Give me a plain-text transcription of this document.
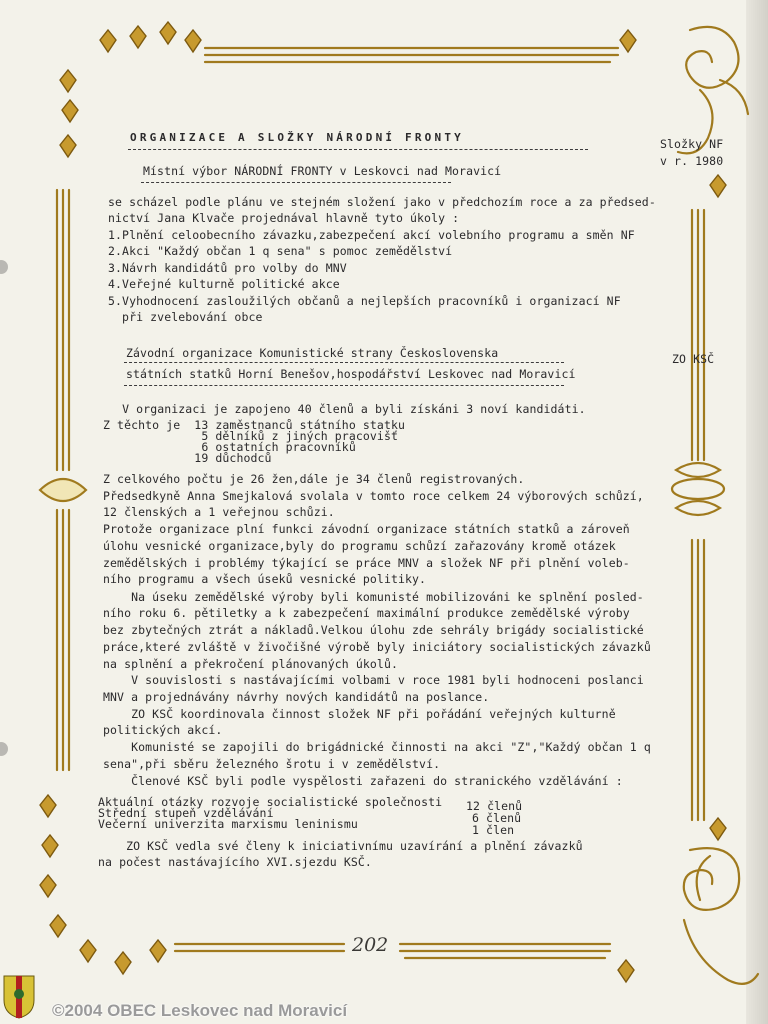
ORGANIZACE A SLOŽKY NÁRODNÍ FRONTY	Složky NF
v r. 1980
Místní výbor NÁRODNÍ FRONTY v Leskovci nad Moravicí
se scházel podle plánu ve stejném složení jako v předchozím roce a za předsed-
nictví Jana Klvače projednával hlavně tyto úkoly :
1.Plnění celoobecního závazku,zabezpečení akcí volebního programu a směn NF
2.Akci "Každý občan 1 q sena" s pomoc zemědělství
3.Návrh kandidátů pro volby do MNV
4.Veřejné kulturně politické akce
5.Vyhodnocení zasloužilých občanů a nejlepších pracovníků i organizací NF
při zvelebování obce
Závodní organizace Komunistické strany Československa
státních statků Horní Benešov,hospodářství Leskovec nad Moravicí
ZO KSČ
V organizaci je zapojeno 40 členů a byli získáni 3 noví kandidáti.
Z těchto je  13 zaměstnanců státního statku
5 dělníků z jiných pracovišť
6 ostatních pracovníků
19 důchodců
Z celkového počtu je 26 žen,dále je 34 členů registrovaných.
Předsedkyně Anna Smejkalová svolala v tomto roce celkem 24 výborových schůzí,
12 členských a 1 veřejnou schůzi.
Protože organizace plní funkci závodní organizace státních statků a zároveň
úlohu vesnické organizace,byly do programu schůzí zařazovány kromě otázek
zemědělských i problémy týkající se práce MNV a složek NF při plnění voleb-
ního programu a všech úseků vesnické politiky.
Na úseku zemědělské výroby byli komunisté mobilizováni ke splnění posled-
ního roku 6. pětiletky a k zabezpečení maximální produkce zemědělské výroby
bez zbytečných ztrát a nákladů.Velkou úlohu zde sehrály brigády socialistické
práce,které zvláště v živočišné výrobě byly iniciátory socialistických závazků
na splnění a překročení plánovaných úkolů.
V souvislosti s nastávajícími volbami v roce 1981 byli hodnoceni poslanci
MNV a projednávány návrhy nových kandidátů na poslance.
ZO KSČ koordinovala činnost složek NF při pořádání veřejných kulturně
politických akcí.
Komunisté se zapojili do brigádnické činnosti na akci "Z","Každý občan 1 q
sena",při sběru železného šrotu i v zemědělství.
Členové KSČ byli podle vyspělosti zařazeni do stranického vzdělávání :
Aktuální otázky rozvoje socialistické společnosti 12 členů
Střední stupeň vzdělávání	6 členů
Večerní univerzita marxismu leninismu	1 člen
ZO KSČ vedla své členy k iniciativnímu uzavírání a plnění závazků
na počest nastávajícího XVI.sjezdu KSČ.
202
©2004 OBEC Leskovec nad Moravicí
